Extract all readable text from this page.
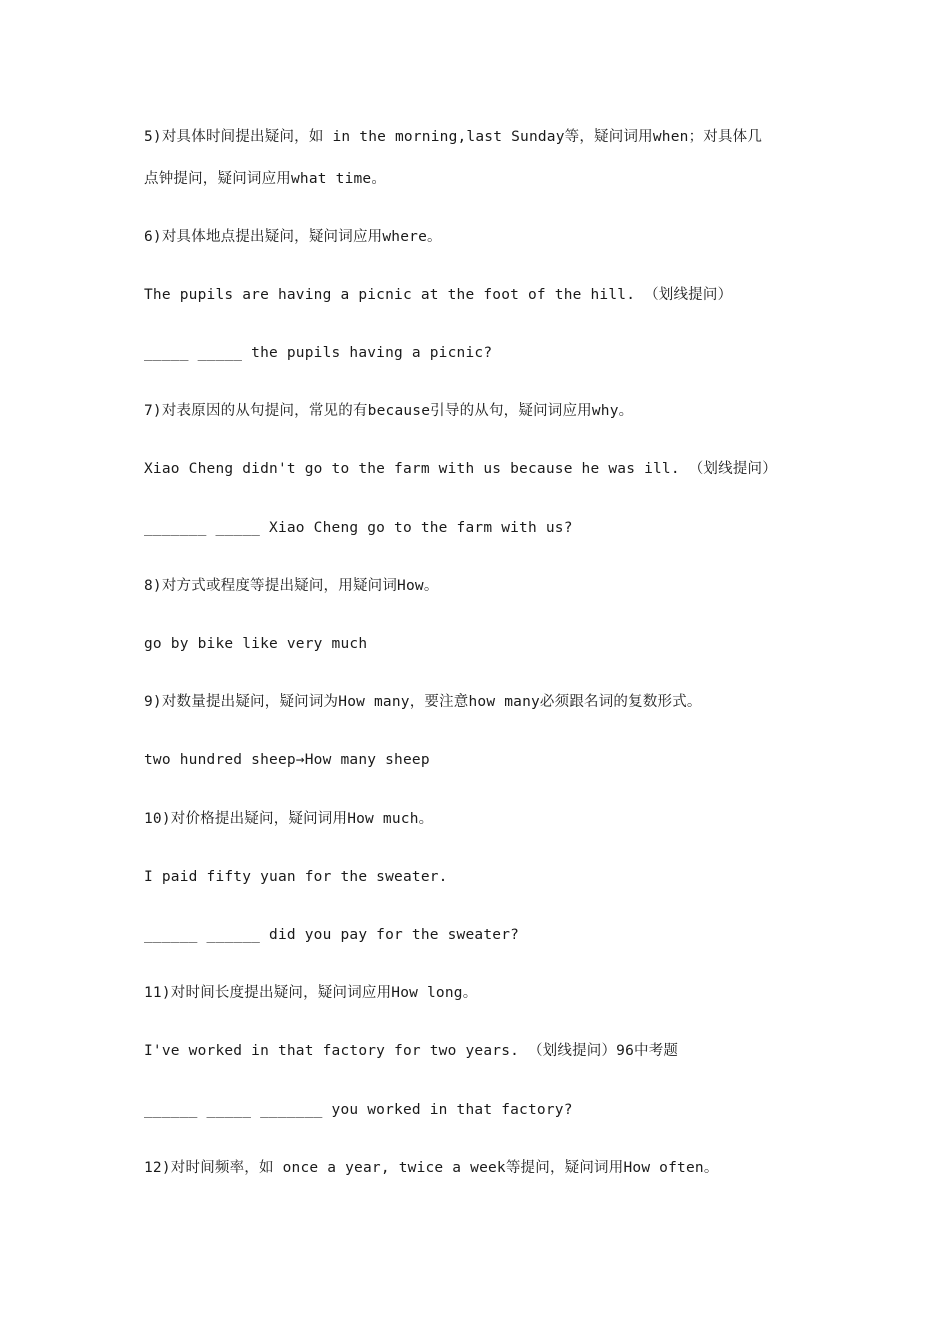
5)对具体时间提出疑问，如 in the morning,last Sunday等，疑问词用when；对具体几
点钟提问，疑问词应用what time。
6)对具体地点提出疑问，疑问词应用where。
The pupils are having a picnic at the foot of the hill. （划线提问）
_____ _____ the pupils having a picnic?
7)对表原因的从句提问，常见的有because引导的从句，疑问词应用why。
Xiao Cheng didn't go to the farm with us because he was ill. （划线提问）
_______ _____ Xiao Cheng go to the farm with us?
8)对方式或程度等提出疑问，用疑问词How。
go by bike like very much
9)对数量提出疑问，疑问词为How many，要注意how many必须跟名词的复数形式。
two hundred sheep→How many sheep
10)对价格提出疑问，疑问词用How much。
I paid fifty yuan for the sweater.
______ ______ did you pay for the sweater?
11)对时间长度提出疑问，疑问词应用How long。
I've worked in that factory for two years. （划线提问）96中考题
______ _____ _______ you worked in that factory?
12)对时间频率，如 once a year, twice a week等提问，疑问词用How often。
